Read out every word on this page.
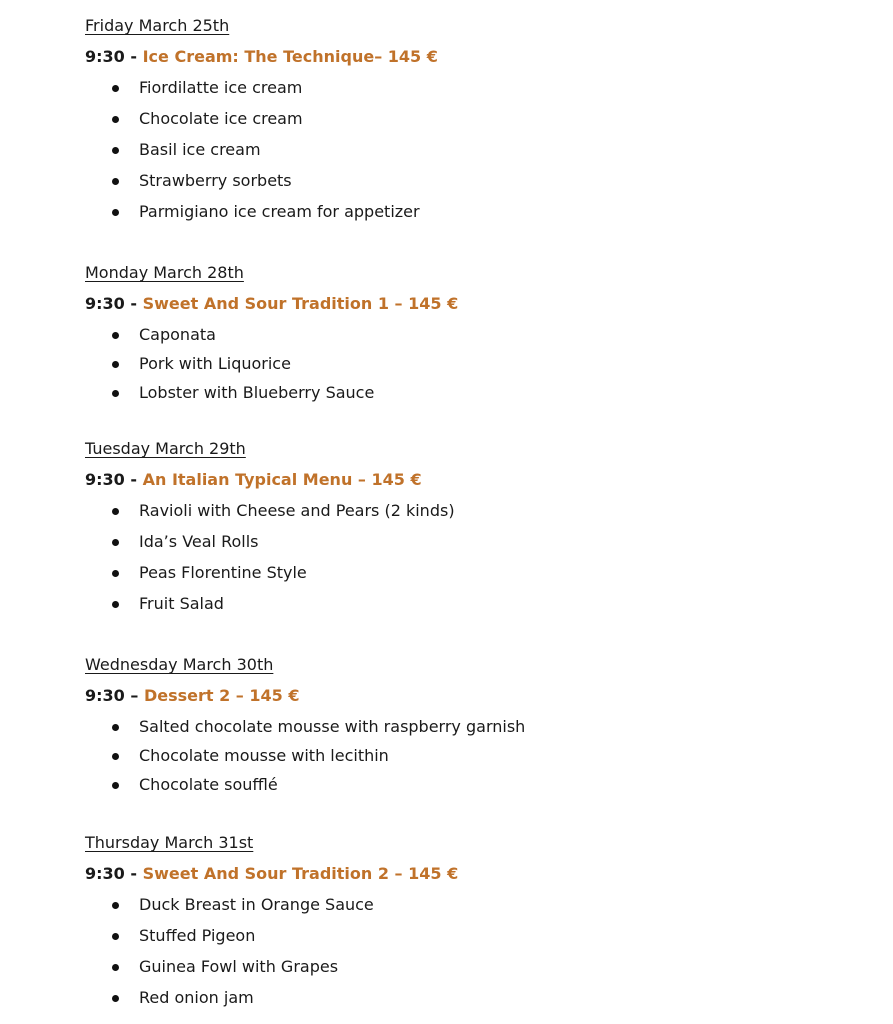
Friday March 25th
9:30 - Ice Cream: The Technique– 145 €
Fiordilatte ice cream
Chocolate ice cream
Basil ice cream
Strawberry sorbets
Parmigiano ice cream for appetizer
Monday March 28th
9:30 - Sweet And Sour Tradition 1 – 145 €
Caponata
Pork with Liquorice
Lobster with Blueberry Sauce
Tuesday March 29th
9:30 - An Italian Typical Menu – 145 €
Ravioli with Cheese and Pears (2 kinds)
Ida’s Veal Rolls
Peas Florentine Style
Fruit Salad
Wednesday March 30th
9:30 – Dessert 2 – 145 €
Salted chocolate mousse with raspberry garnish
Chocolate mousse with lecithin
Chocolate soufflé
Thursday March 31st
9:30 - Sweet And Sour Tradition 2 – 145 €
Duck Breast in Orange Sauce
Stuffed Pigeon
Guinea Fowl with Grapes
Red onion jam
